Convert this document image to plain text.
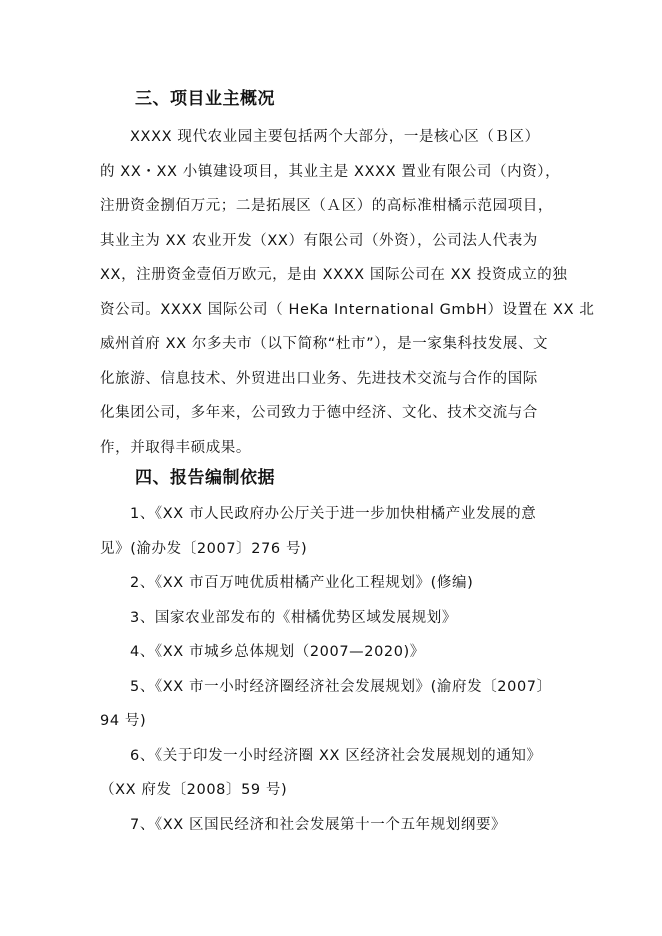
三、项目业主概况
XXXX 现代农业园主要包括两个大部分，一是核心区（Ｂ区）
的 XX・XX 小镇建设项目，其业主是 XXXX 置业有限公司（内资），
注册资金捌佰万元；二是拓展区（Ａ区）的高标准柑橘示范园项目，
其业主为 XX 农业开发（XX）有限公司（外资），公司法人代表为
XX，注册资金壹佰万欧元，是由 XXXX 国际公司在 XX 投资成立的独
资公司。XXXX 国际公司（ HeKa International GmbH）设置在 XX 北
威州首府 XX 尔多夫市（以下简称“杜市”），是一家集科技发展、文
化旅游、信息技术、外贸进出口业务、先进技术交流与合作的国际
化集团公司，多年来，公司致力于德中经济、文化、技术交流与合
作，并取得丰硕成果。
四、报告编制依据
1、《XX 市人民政府办公厅关于进一步加快柑橘产业发展的意
见》(渝办发〔2007〕276 号)
2、《XX 市百万吨优质柑橘产业化工程规划》(修编)
3、国家农业部发布的《柑橘优势区域发展规划》
4、《XX 市城乡总体规划（2007—2020)》
5、《XX 市一小时经济圈经济社会发展规划》(渝府发〔2007〕
94 号)
6、《关于印发一小时经济圈 XX 区经济社会发展规划的通知》
（XX 府发〔2008〕59 号)
7、《XX 区国民经济和社会发展第十一个五年规划纲要》
